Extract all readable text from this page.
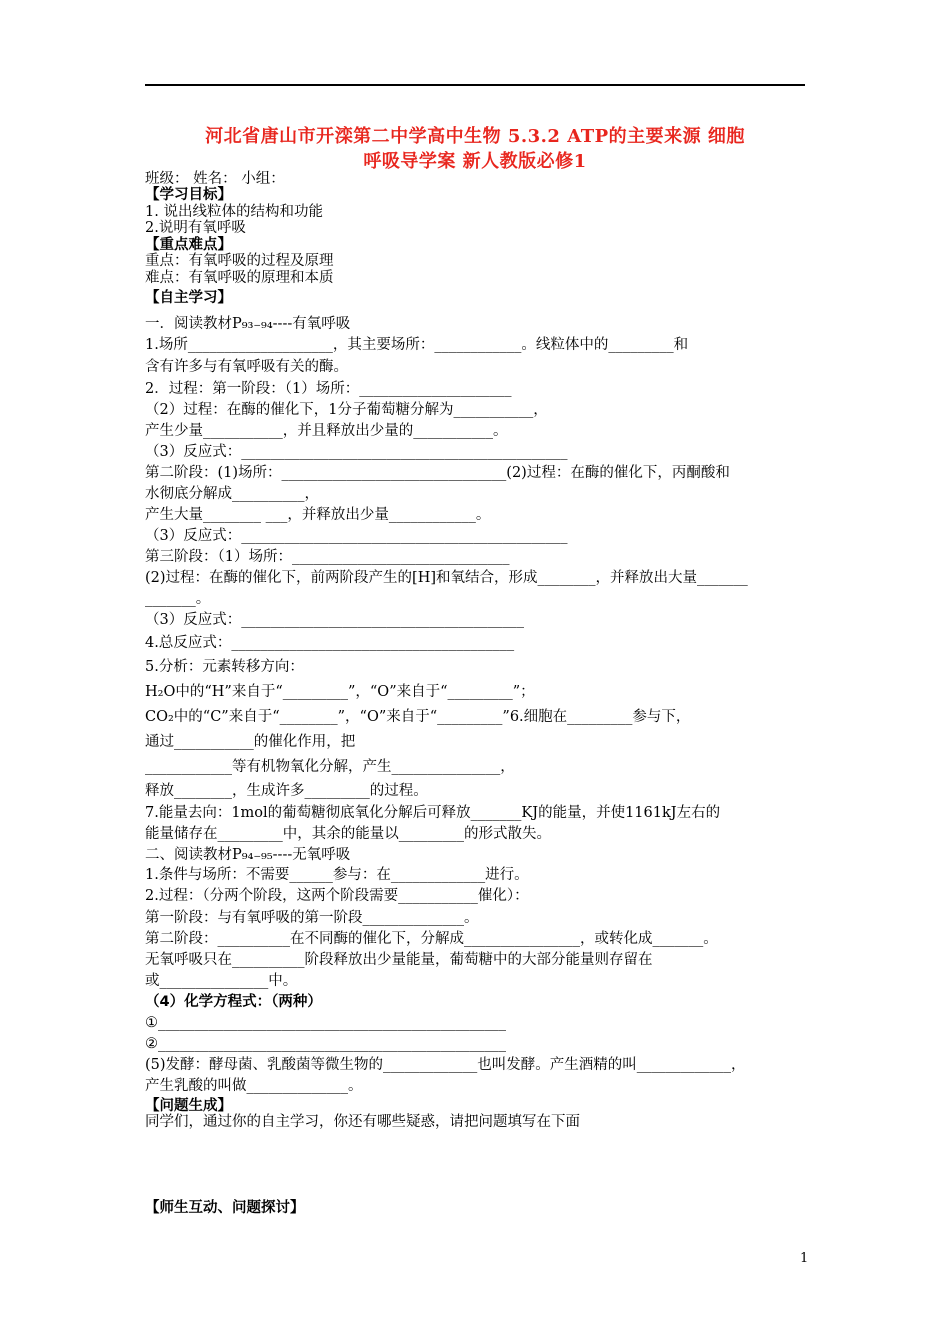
河北省唐山市开滦第二中学高中生物 5.3.2 ATP的主要来源 细胞
呼吸导学案 新人教版必修1
班级： 姓名： 小组：
【学习目标】
1. 说出线粒体的结构和功能
2.说明有氧呼吸
【重点难点】
重点：有氧呼吸的过程及原理
难点：有氧呼吸的原理和本质
【自主学习】
一．阅读教材P₉₃₋₉₄----有氧呼吸
1.场所____________________，其主要场所：____________。线粒体中的_________和
含有许多与有氧呼吸有关的酶。
2．过程：第一阶段：（1）场所：_____________________
（2）过程：在酶的催化下，1分子葡萄糖分解为___________，
产生少量___________，并且释放出少量的___________。
（3）反应式：_____________________________________________
第二阶段：(1)场所：_______________________________(2)过程：在酶的催化下，丙酮酸和
水彻底分解成__________，
产生大量________ ___，并释放出少量____________。
（3）反应式：_____________________________________________
第三阶段：（1）场所：______________________________
(2)过程：在酶的催化下，前两阶段产生的[H]和氧结合，形成________，并释放出大量_______
_______。
（3）反应式：_______________________________________
4.总反应式：_______________________________________
5.分析：元素转移方向：
H₂O中的“H”来自于“_________”，“O”来自于“_________”；
CO₂中的“C”来自于“________”，“O”来自于“_________”6.细胞在_________参与下，
通过___________的催化作用，把
____________等有机物氧化分解，产生_______________，
释放________，生成许多_________的过程。
7.能量去向：1mol的葡萄糖彻底氧化分解后可释放_______KJ的能量，并使1161kJ左右的
能量储存在_________中，其余的能量以_________的形式散失。
二、阅读教材P₉₄₋₉₅----无氧呼吸
1.条件与场所：不需要______参与：在_____________进行。
2.过程：（分两个阶段，这两个阶段需要___________催化）：
第一阶段：与有氧呼吸的第一阶段______________。
第二阶段：__________在不同酶的催化下，分解成________________，或转化成_______。
无氧呼吸只在__________阶段释放出少量能量，葡萄糖中的大部分能量则存留在
或_______________中。
（4）化学方程式：（两种）
①________________________________________________
②________________________________________________
(5)发酵：酵母菌、乳酸菌等微生物的_____________也叫发酵。产生酒精的叫_____________，
产生乳酸的叫做______________。
【问题生成】
同学们，通过你的自主学习，你还有哪些疑惑，请把问题填写在下面
【师生互动、问题探讨】
1
